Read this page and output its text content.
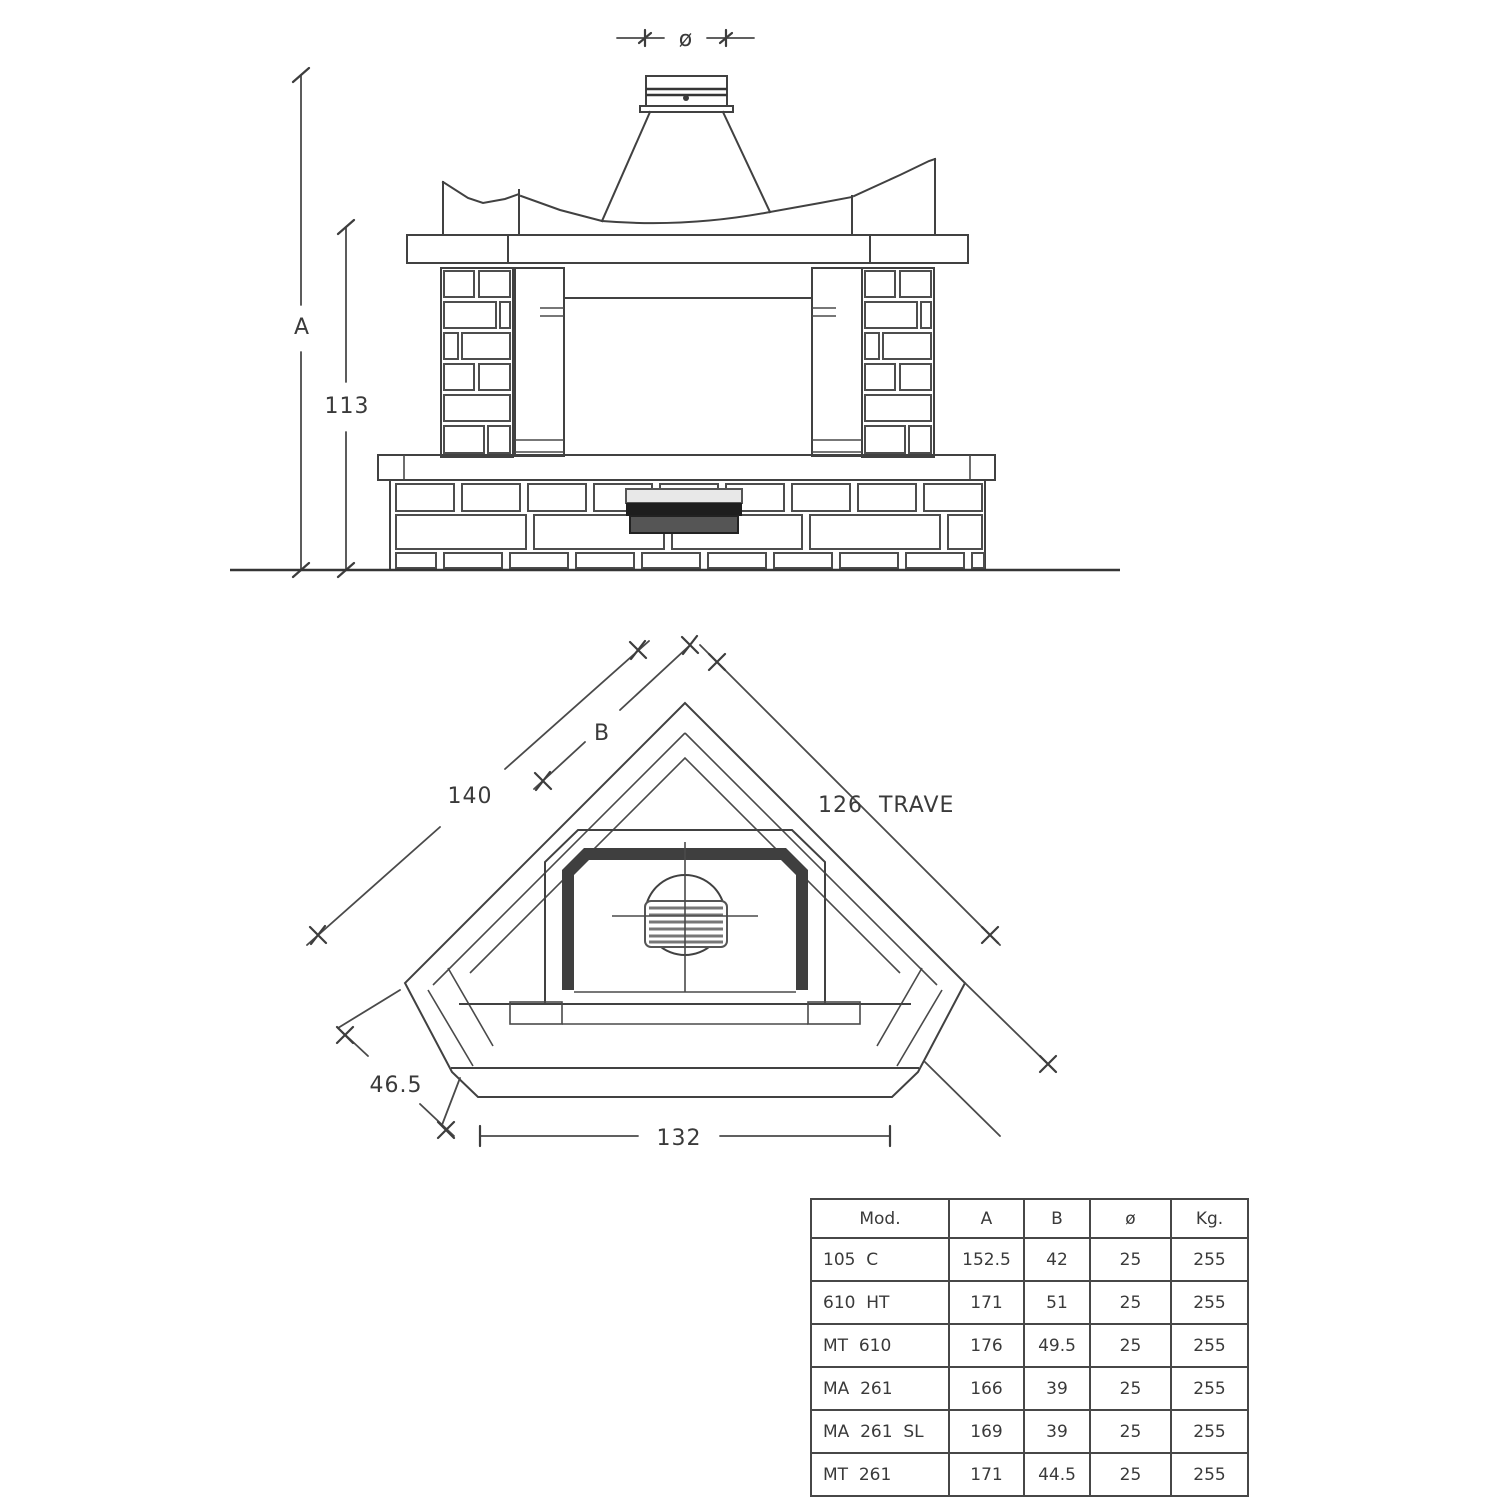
ø
A
113
140
B
126  TRAVE
46.5
132
Mod.	A	B	ø	Kg.
105  C	152.5	42	25	255
610  HT	171	51	25	255
MT  610	176	49.5	25	255
MA  261	166	39	25	255
MA  261  SL	169	39	25	255
MT  261	171	44.5	25	255
